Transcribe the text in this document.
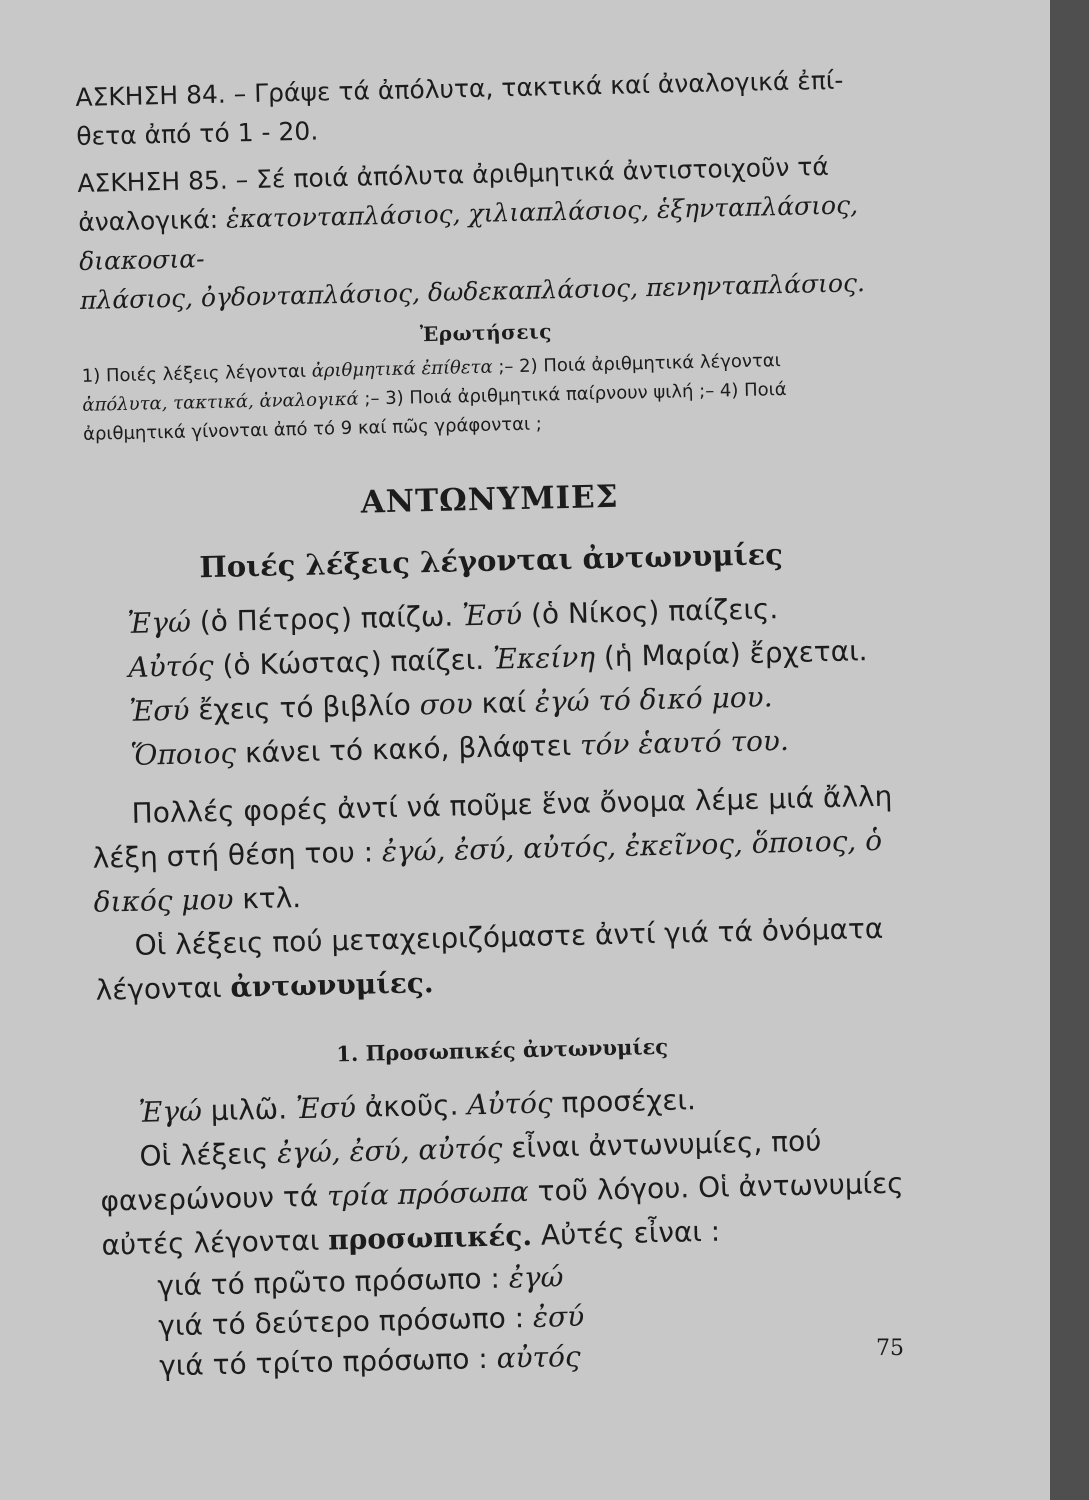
ΑΣΚΗΣΗ 84. – Γράψε τά ἀπόλυτα, τακτικά καί ἀναλογικά ἐπί-
θετα ἀπό τό 1 - 20.

ΑΣΚΗΣΗ 85. – Σέ ποιά ἀπόλυτα ἀριθμητικά ἀντιστοιχοῦν τά
ἀναλογικά: ἑκατονταπλάσιος, χιλιαπλάσιος, ἑξηνταπλάσιος, διακοσια-
πλάσιος, ὀγδονταπλάσιος, δωδεκαπλάσιος, πενηνταπλάσιος.

Ἐρωτήσεις

1) Ποιές λέξεις λέγονται ἀριθμητικά ἐπίθετα ;– 2) Ποιά ἀριθμητικά λέγονται
ἀπόλυτα, τακτικά, ἀναλογικά ;– 3) Ποιά ἀριθμητικά παίρνουν ψιλή ;– 4) Ποιά
ἀριθμητικά γίνονται ἀπό τό 9 καί πῶς γράφονται ;

ΑΝΤΩΝΥΜΙΕΣ
Ποιές λέξεις λέγονται ἀντωνυμίες

Ἐγώ (ὁ Πέτρος) παίζω. Ἐσύ (ὁ Νίκος) παίζεις.

Αὐτός (ὁ Κώστας) παίζει. Ἐκείνη (ἡ Μαρία) ἔρχεται.

Ἐσύ ἔχεις τό βιβλίο σου καί ἐγώ τό δικό μου.

Ὅποιος κάνει τό κακό, βλάφτει τόν ἑαυτό του.

Πολλές φορές ἀντί νά ποῦμε ἕνα ὄνομα λέμε μιά ἄλλη λέξη στή θέση του : ἐγώ, ἐσύ, αὐτός, ἐκεῖνος, ὅποιος, ὁ δικός μου κτλ.

Οἱ λέξεις πού μεταχειριζόμαστε ἀντί γιά τά ὀνόματα λέγονται ἀντωνυμίες.

1. Προσωπικές ἀντωνυμίες

Ἐγώ μιλῶ. Ἐσύ ἀκοῦς. Αὐτός προσέχει.

Οἱ λέξεις ἐγώ, ἐσύ, αὐτός εἶναι ἀντωνυμίες, πού φανερώνουν τά τρία πρόσωπα τοῦ λόγου. Οἱ ἀντωνυμίες αὐτές λέγονται προσωπικές. Αὐτές εἶναι :

γιά τό πρῶτο πρόσωπο : ἐγώ

γιά τό δεύτερο πρόσωπο : ἐσύ

γιά τό τρίτο πρόσωπο : αὐτός	75
